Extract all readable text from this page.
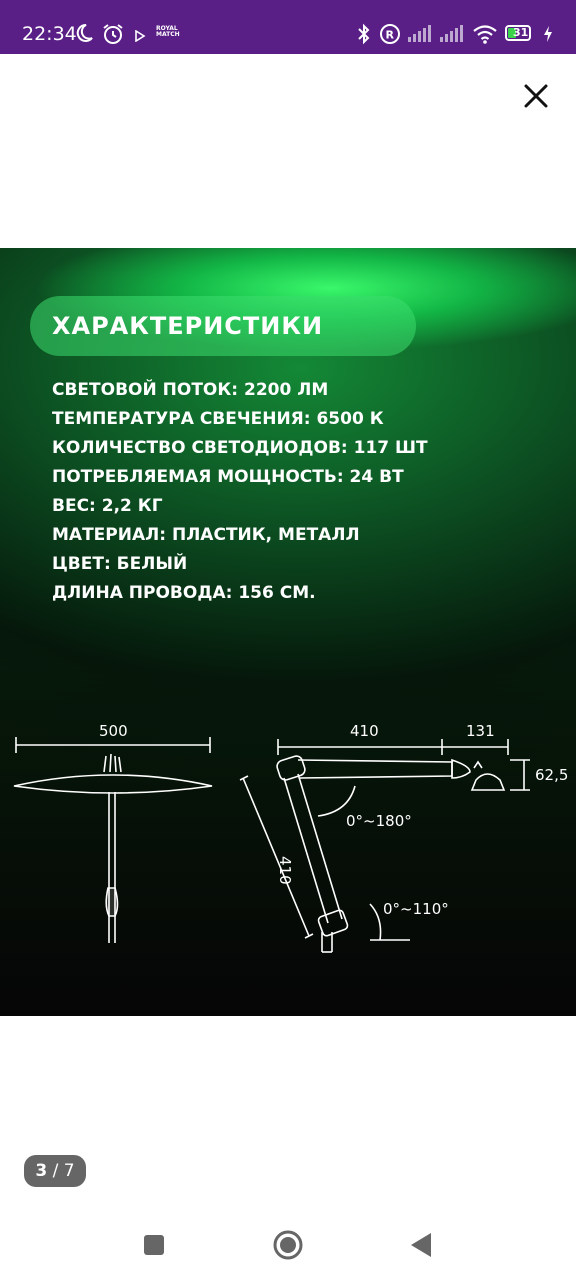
22:34	ROYAL MATCH	R	31
ХАРАКТЕРИСТИКИ
СВЕТОВОЙ ПОТОК: 2200 ЛМ
ТЕМПЕРАТУРА СВЕЧЕНИЯ: 6500 К
КОЛИЧЕСТВО СВЕТОДИОДОВ: 117 ШТ
ПОТРЕБЛЯЕМАЯ МОЩНОСТЬ: 24 ВТ
ВЕС: 2,2 КГ
МАТЕРИАЛ: ПЛАСТИК, МЕТАЛЛ
ЦВЕТ: БЕЛЫЙ
ДЛИНА ПРОВОДА: 156 СМ.
500	410	131
62,5
410
0°~180°
0°~110°
3 / 7
